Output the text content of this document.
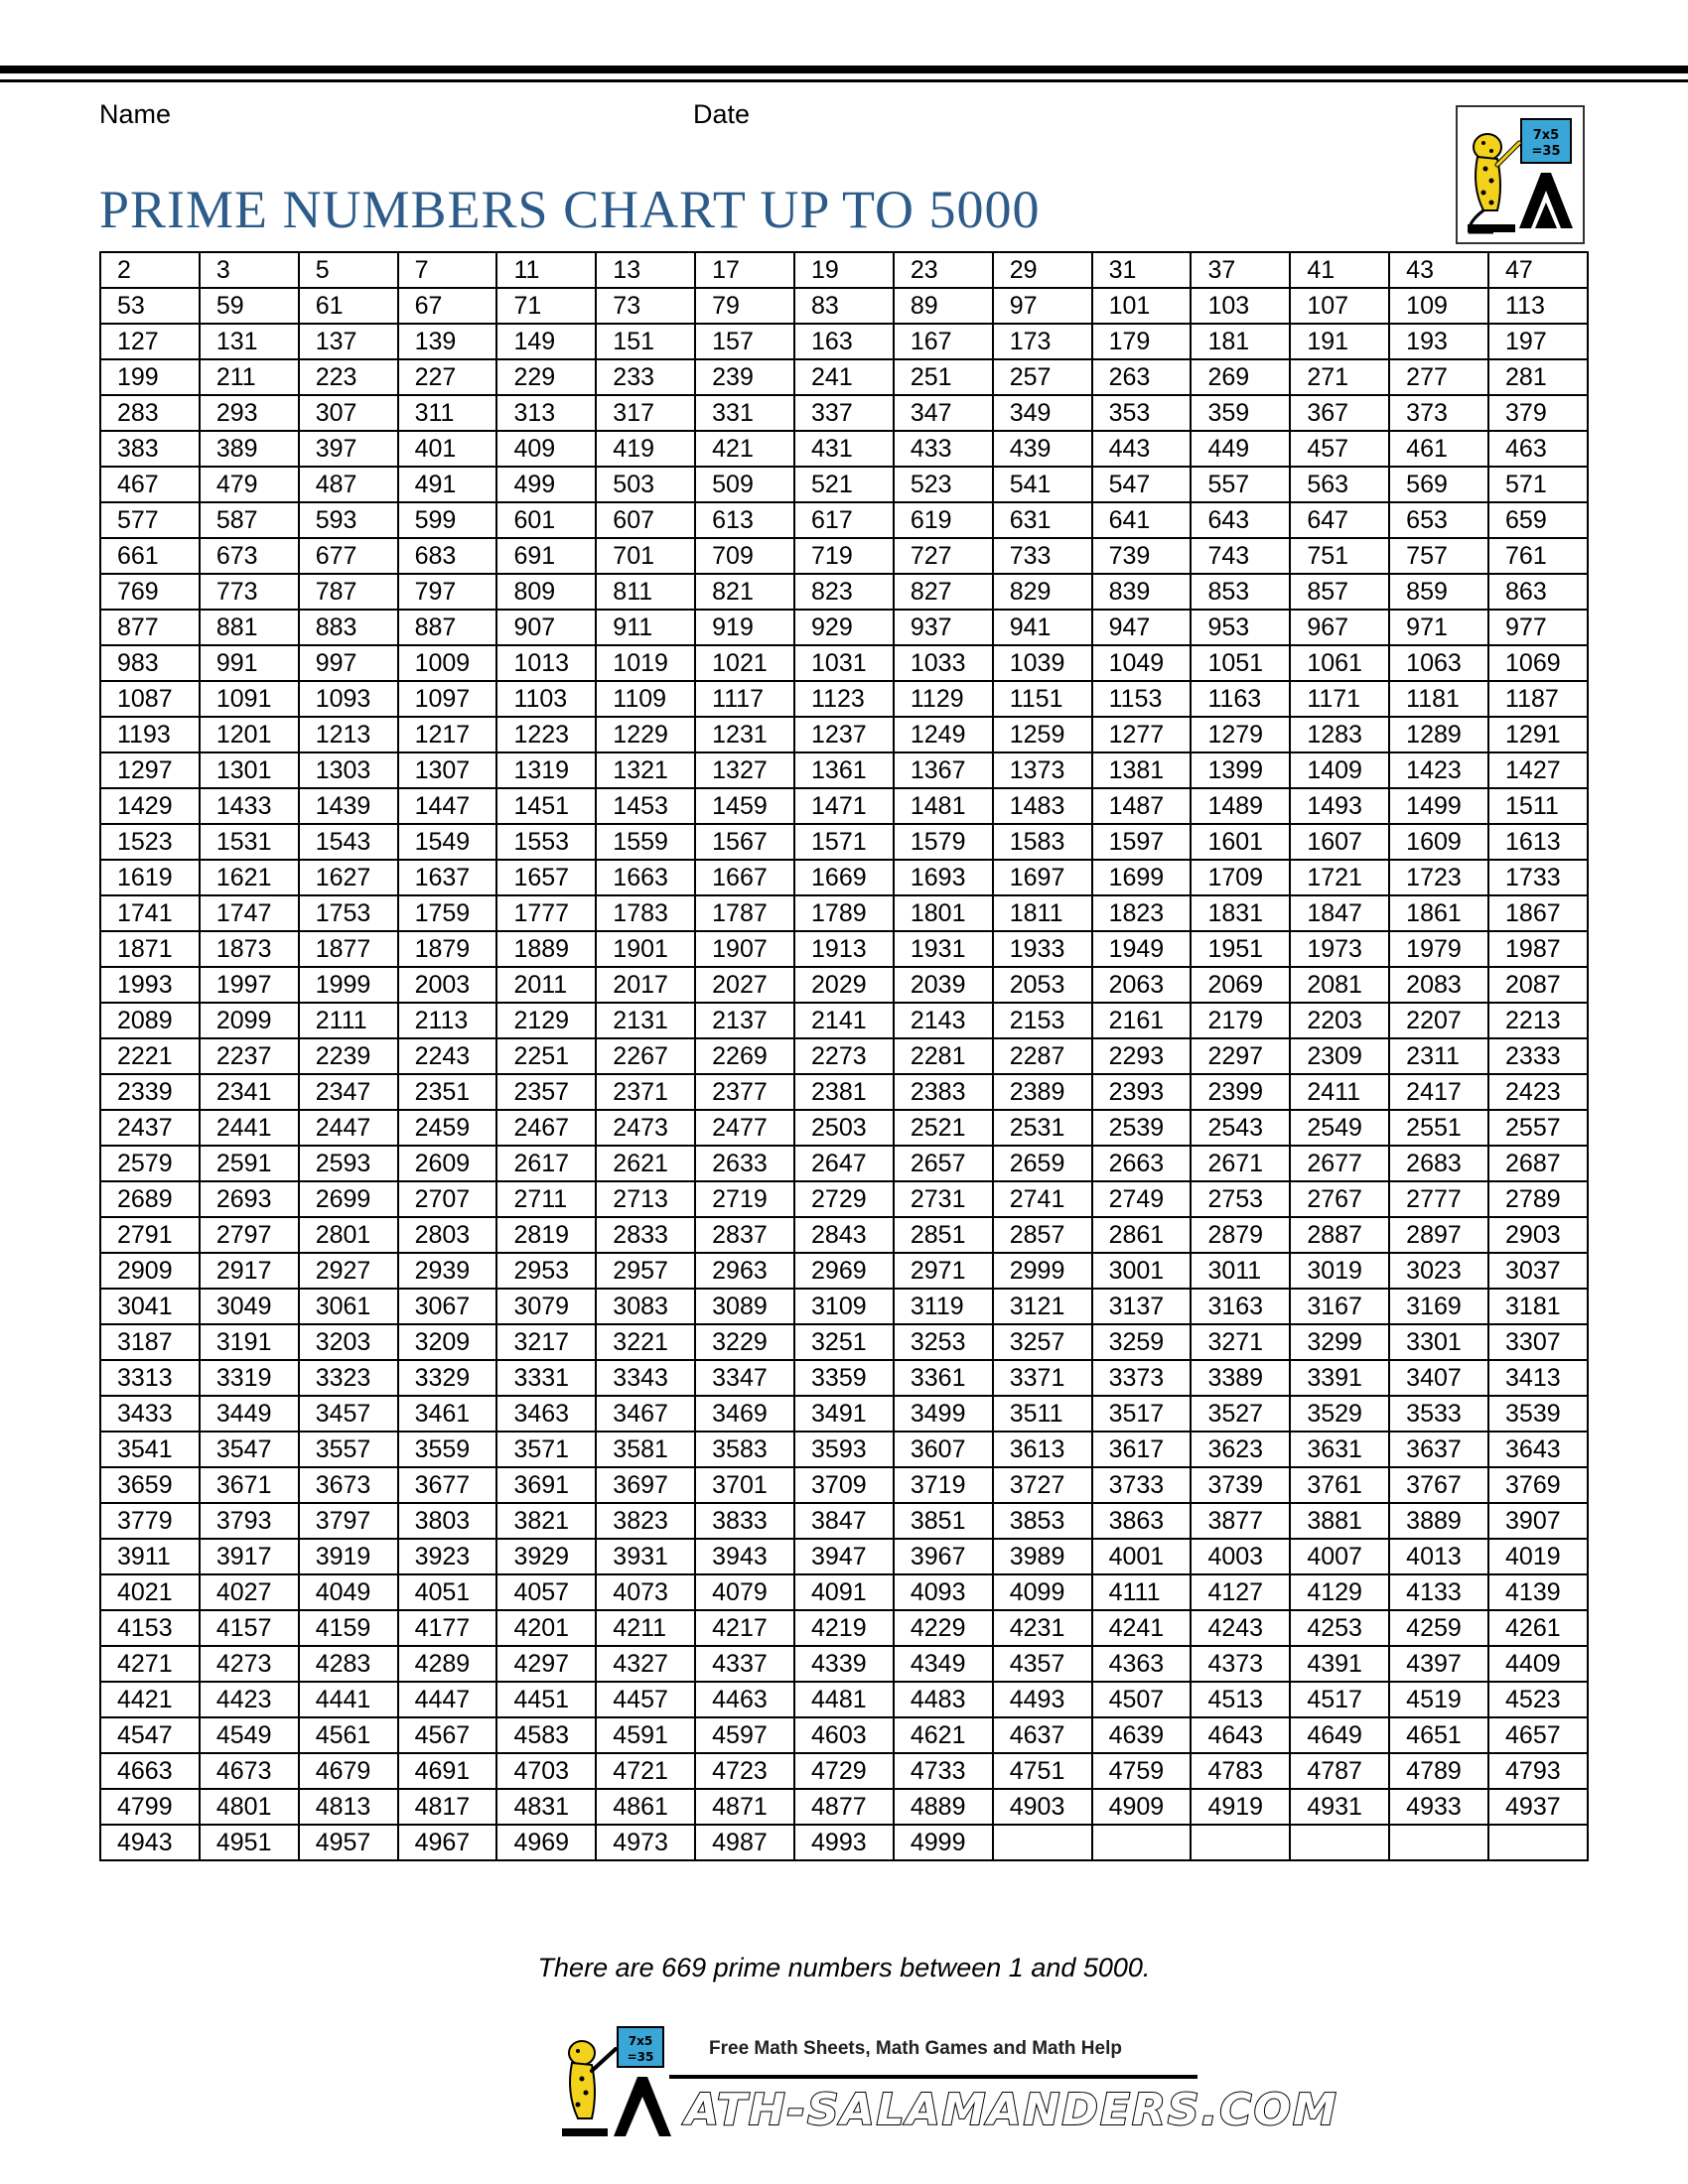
Name	Date
PRIME NUMBERS CHART UP TO 5000
7x5
=35
2	3	5	7	11	13	17	19	23	29	31	37	41	43	47
53	59	61	67	71	73	79	83	89	97	101	103	107	109	113
127	131	137	139	149	151	157	163	167	173	179	181	191	193	197
199	211	223	227	229	233	239	241	251	257	263	269	271	277	281
283	293	307	311	313	317	331	337	347	349	353	359	367	373	379
383	389	397	401	409	419	421	431	433	439	443	449	457	461	463
467	479	487	491	499	503	509	521	523	541	547	557	563	569	571
577	587	593	599	601	607	613	617	619	631	641	643	647	653	659
661	673	677	683	691	701	709	719	727	733	739	743	751	757	761
769	773	787	797	809	811	821	823	827	829	839	853	857	859	863
877	881	883	887	907	911	919	929	937	941	947	953	967	971	977
983	991	997	1009	1013	1019	1021	1031	1033	1039	1049	1051	1061	1063	1069
1087	1091	1093	1097	1103	1109	1117	1123	1129	1151	1153	1163	1171	1181	1187
1193	1201	1213	1217	1223	1229	1231	1237	1249	1259	1277	1279	1283	1289	1291
1297	1301	1303	1307	1319	1321	1327	1361	1367	1373	1381	1399	1409	1423	1427
1429	1433	1439	1447	1451	1453	1459	1471	1481	1483	1487	1489	1493	1499	1511
1523	1531	1543	1549	1553	1559	1567	1571	1579	1583	1597	1601	1607	1609	1613
1619	1621	1627	1637	1657	1663	1667	1669	1693	1697	1699	1709	1721	1723	1733
1741	1747	1753	1759	1777	1783	1787	1789	1801	1811	1823	1831	1847	1861	1867
1871	1873	1877	1879	1889	1901	1907	1913	1931	1933	1949	1951	1973	1979	1987
1993	1997	1999	2003	2011	2017	2027	2029	2039	2053	2063	2069	2081	2083	2087
2089	2099	2111	2113	2129	2131	2137	2141	2143	2153	2161	2179	2203	2207	2213
2221	2237	2239	2243	2251	2267	2269	2273	2281	2287	2293	2297	2309	2311	2333
2339	2341	2347	2351	2357	2371	2377	2381	2383	2389	2393	2399	2411	2417	2423
2437	2441	2447	2459	2467	2473	2477	2503	2521	2531	2539	2543	2549	2551	2557
2579	2591	2593	2609	2617	2621	2633	2647	2657	2659	2663	2671	2677	2683	2687
2689	2693	2699	2707	2711	2713	2719	2729	2731	2741	2749	2753	2767	2777	2789
2791	2797	2801	2803	2819	2833	2837	2843	2851	2857	2861	2879	2887	2897	2903
2909	2917	2927	2939	2953	2957	2963	2969	2971	2999	3001	3011	3019	3023	3037
3041	3049	3061	3067	3079	3083	3089	3109	3119	3121	3137	3163	3167	3169	3181
3187	3191	3203	3209	3217	3221	3229	3251	3253	3257	3259	3271	3299	3301	3307
3313	3319	3323	3329	3331	3343	3347	3359	3361	3371	3373	3389	3391	3407	3413
3433	3449	3457	3461	3463	3467	3469	3491	3499	3511	3517	3527	3529	3533	3539
3541	3547	3557	3559	3571	3581	3583	3593	3607	3613	3617	3623	3631	3637	3643
3659	3671	3673	3677	3691	3697	3701	3709	3719	3727	3733	3739	3761	3767	3769
3779	3793	3797	3803	3821	3823	3833	3847	3851	3853	3863	3877	3881	3889	3907
3911	3917	3919	3923	3929	3931	3943	3947	3967	3989	4001	4003	4007	4013	4019
4021	4027	4049	4051	4057	4073	4079	4091	4093	4099	4111	4127	4129	4133	4139
4153	4157	4159	4177	4201	4211	4217	4219	4229	4231	4241	4243	4253	4259	4261
4271	4273	4283	4289	4297	4327	4337	4339	4349	4357	4363	4373	4391	4397	4409
4421	4423	4441	4447	4451	4457	4463	4481	4483	4493	4507	4513	4517	4519	4523
4547	4549	4561	4567	4583	4591	4597	4603	4621	4637	4639	4643	4649	4651	4657
4663	4673	4679	4691	4703	4721	4723	4729	4733	4751	4759	4783	4787	4789	4793
4799	4801	4813	4817	4831	4861	4871	4877	4889	4903	4909	4919	4931	4933	4937
4943	4951	4957	4967	4969	4973	4987	4993	4999						
There are 669 prime numbers between 1 and 5000.
7x5
=35	Free Math Sheets, Math Games and Math Help
ATH-SALAMANDERS.COM
